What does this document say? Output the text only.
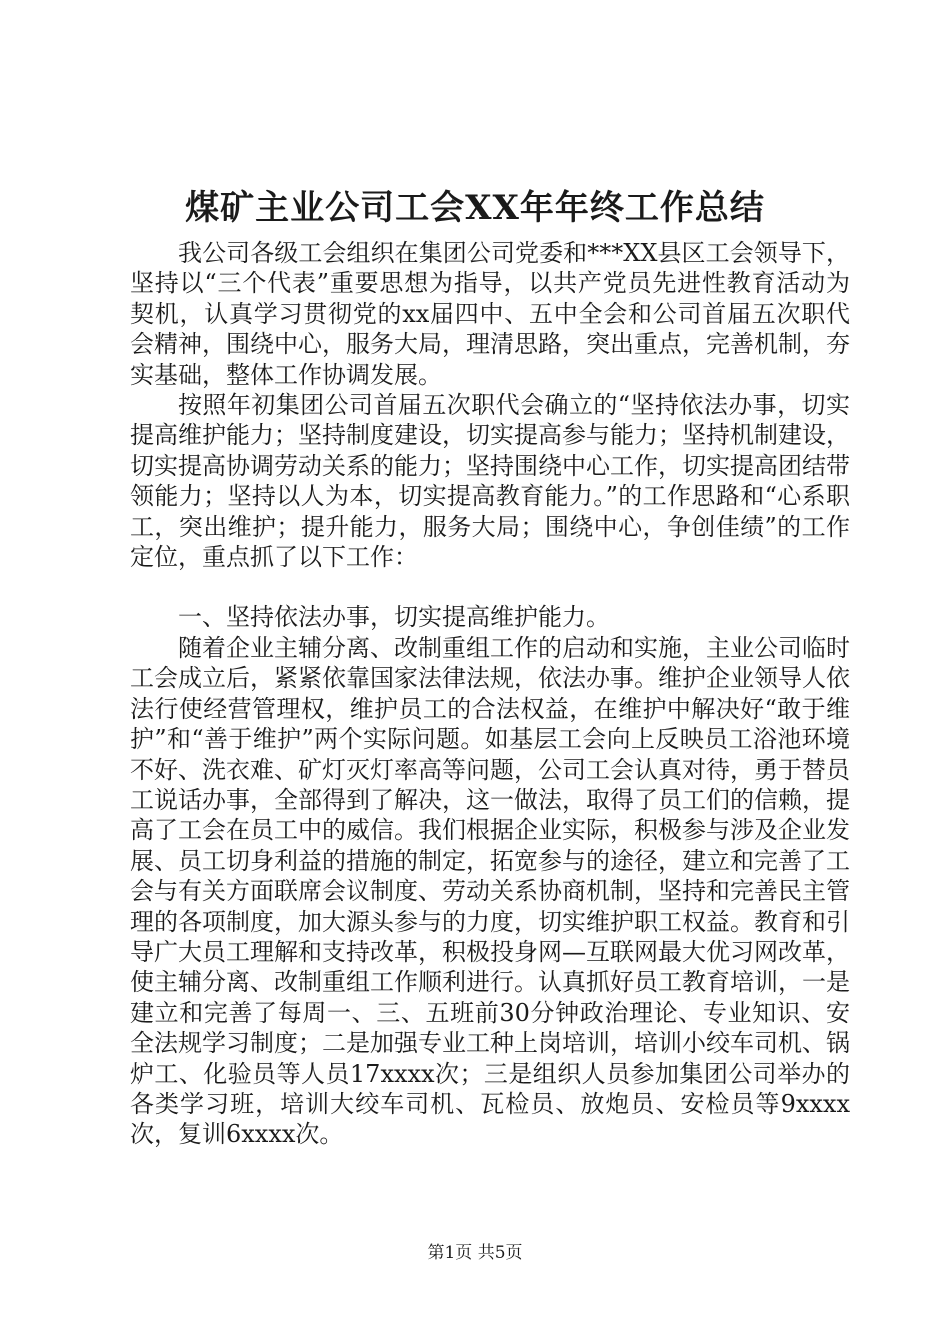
煤矿主业公司工会XX年年终工作总结

我公司各级工会组织在集团公司党委和***XX县区工会领导下，坚持以“三个代表”重要思想为指导，以共产党员先进性教育活动为契机，认真学习贯彻党的xx届四中、五中全会和公司首届五次职代会精神，围绕中心，服务大局，理清思路，突出重点，完善机制，夯实基础，整体工作协调发展。

按照年初集团公司首届五次职代会确立的“坚持依法办事，切实提高维护能力；坚持制度建设，切实提高参与能力；坚持机制建设，切实提高协调劳动关系的能力；坚持围绕中心工作，切实提高团结带领能力；坚持以人为本，切实提高教育能力。”的工作思路和“心系职工，突出维护；提升能力，服务大局；围绕中心，争创佳绩”的工作定位，重点抓了以下工作：

一、坚持依法办事，切实提高维护能力。

随着企业主辅分离、改制重组工作的启动和实施，主业公司临时工会成立后，紧紧依靠国家法律法规，依法办事。维护企业领导人依法行使经营管理权，维护员工的合法权益，在维护中解决好“敢于维护”和“善于维护”两个实际问题。如基层工会向上反映员工浴池环境不好、洗衣难、矿灯灭灯率高等问题，公司工会认真对待，勇于替员工说话办事，全部得到了解决，这一做法，取得了员工们的信赖，提高了工会在员工中的威信。我们根据企业实际，积极参与涉及企业发展、员工切身利益的措施的制定，拓宽参与的途径，建立和完善了工会与有关方面联席会议制度、劳动关系协商机制，坚持和完善民主管理的各项制度，加大源头参与的力度，切实维护职工权益。教育和引导广大员工理解和支持改革，积极投身网—互联网最大优习网改革，使主辅分离、改制重组工作顺利进行。认真抓好员工教育培训，一是建立和完善了每周一、三、五班前30分钟政治理论、专业知识、安全法规学习制度；二是加强专业工种上岗培训，培训小绞车司机、锅炉工、化验员等人员17xxxx次；三是组织人员参加集团公司举办的各类学习班，培训大绞车司机、瓦检员、放炮员、安检员等9xxxx次，复训6xxxx次。

第1页 共5页
